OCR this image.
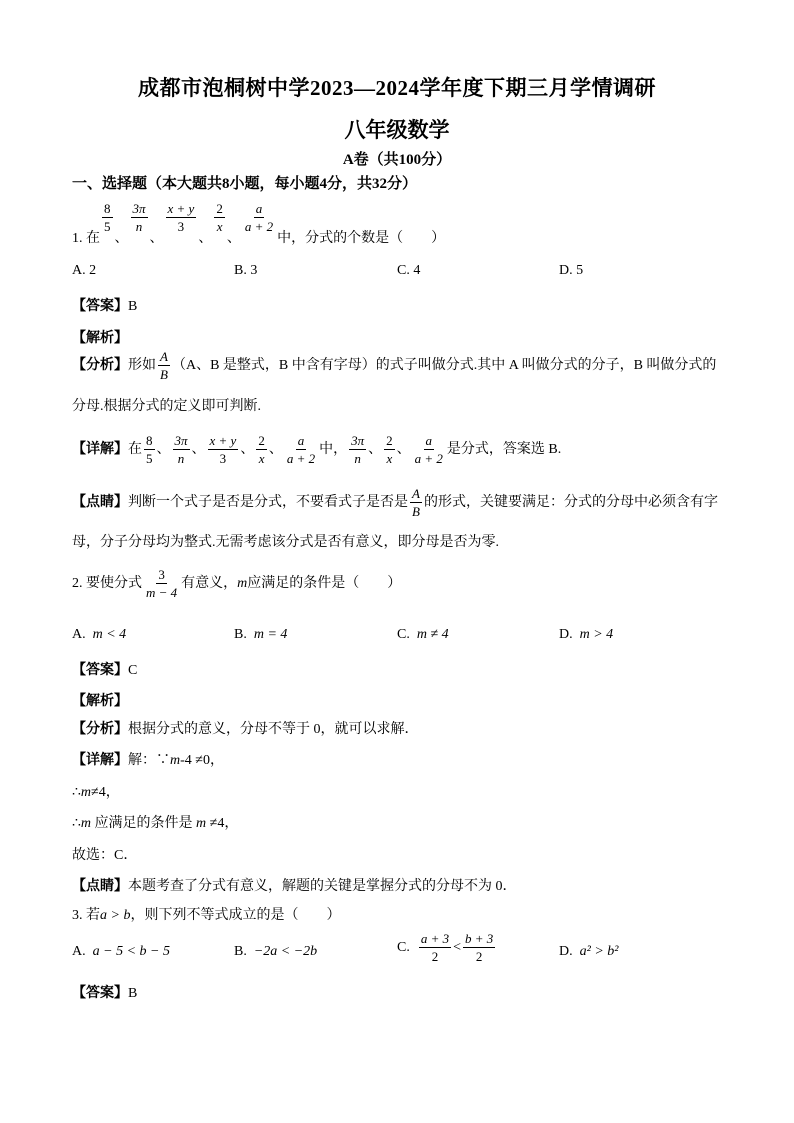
成都市泡桐树中学2023—2024学年度下期三月学情调研
八年级数学
A卷（共100分）
一、选择题（本大题共8小题，每小题4分，共32分）
1. 在
$\frac{8}{5}$
、
$\frac{3\pi}{n}$
、
$\frac{x + y}{3}$
、
$\frac{2}{x}$
、
$\frac{a}{a + 2}$
中，分式的个数是（　　）
A. 2	B. 3	C. 4	D. 5
【答案】B
【解析】
【分析】 形如 $\frac{A}{B} (A$、B 是整式，B 中含有字母）的式子叫做分式.其中 A 叫做分式的分子，B 叫做分式的
分母.根据分式的定义即可判断.
【详解】 在 $\frac{8}{5}$ 、 $\frac{3\pi}{n}$ 、 $\frac{x + y}{3}$ 、 $\frac{2}{x}$ 、 $\frac{a}{a + 2}$ 中， $\frac{3\pi}{n}$ 、 $\frac{2}{x}$ 、 $\frac{a}{a + 2}$ 是分式，答案选 B.
【点睛】 判断一个式子是否是分式，不要看式子是否是 $\frac{A}{B}$ 的形式，关键要满足：分式的分母中必须含有字
母，分子分母均为整式.无需考虑该分式是否有意义，即分母是否为零.
2. 要使分式 $\frac{3}{m - 4}$ 有意义， m 应满足的条件是（　　）
A. m < 4	B. m = 4	C. m ≠ 4	D. m > 4
【答案】C
【解析】
【分析】根据分式的意义，分母不等于 0，就可以求解．
【详解】解：∵m-4 ≠0，
∴m≠4，
∴m 应满足的条件是 m ≠4，
故选：C．
【点睛】本题考查了分式有意义，解题的关键是掌握分式的分母不为 0．
3. 若a > b，则下列不等式成立的是（　　）
A. a − 5 < b − 5	B. −2a < −2b	C.
$\frac{a + 3}{2} < \frac{b + 3}{2}$	D. a² > b²
【答案】B
